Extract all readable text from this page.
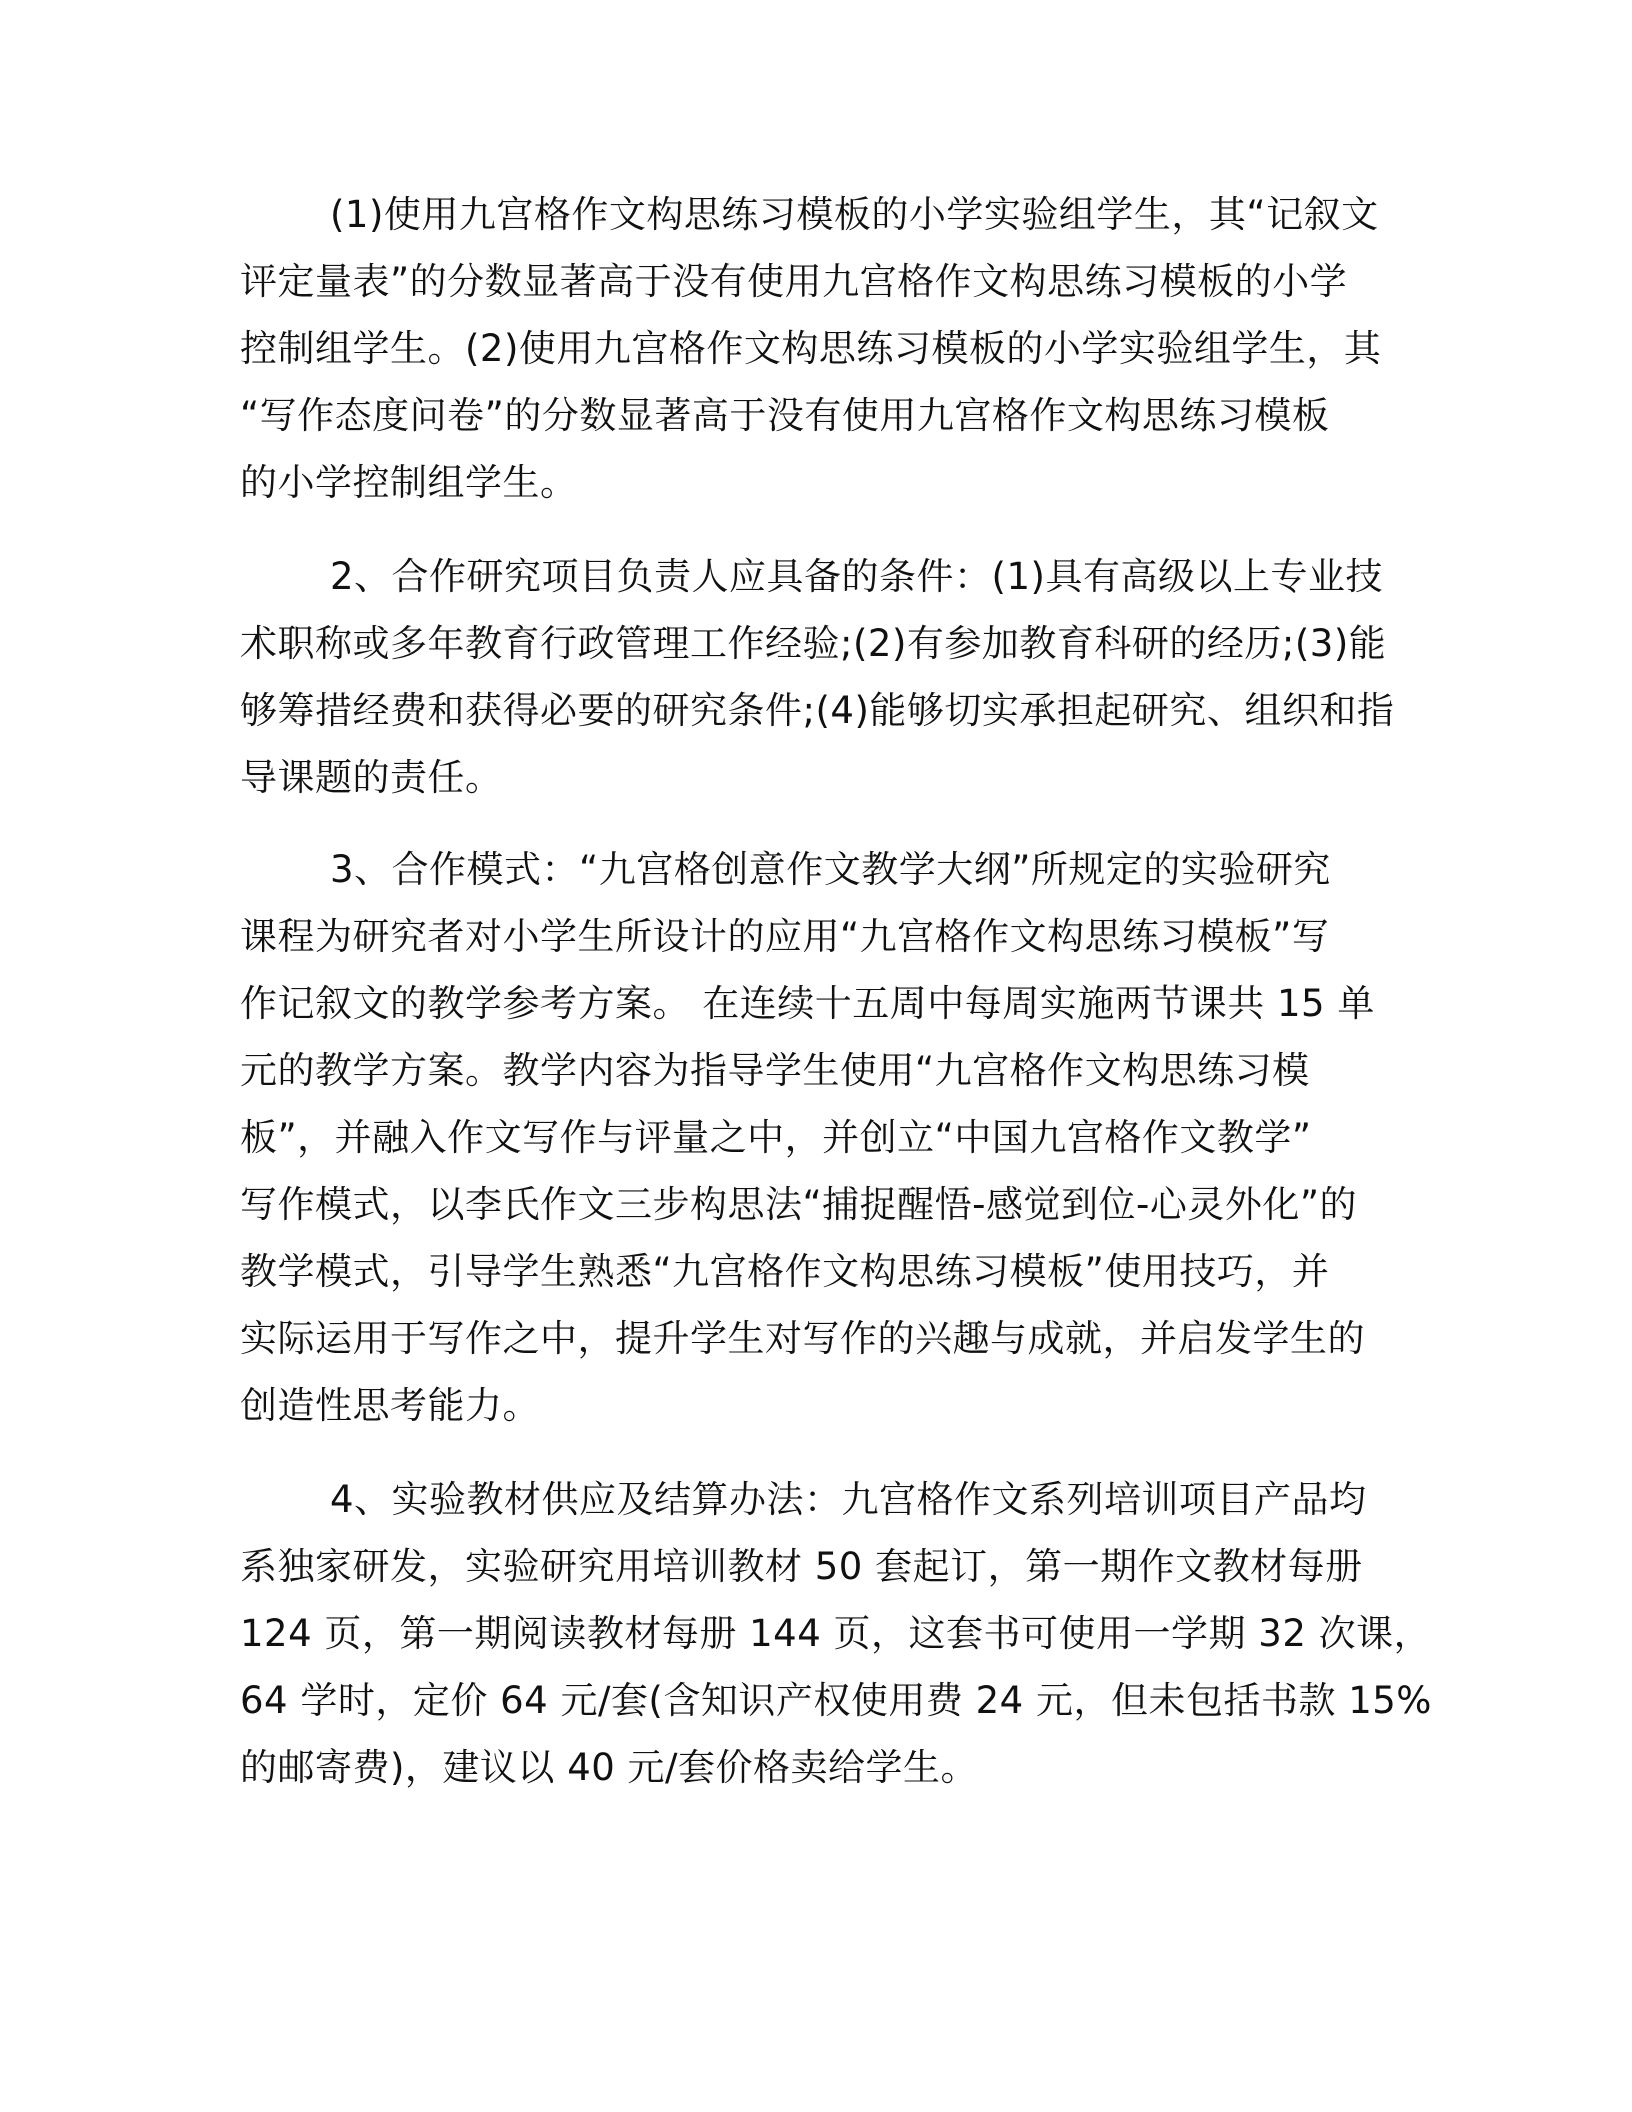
(1)使用九宫格作文构思练习模板的小学实验组学生，其“记叙文
评定量表”的分数显著高于没有使用九宫格作文构思练习模板的小学
控制组学生。(2)使用九宫格作文构思练习模板的小学实验组学生，其
“写作态度问卷”的分数显著高于没有使用九宫格作文构思练习模板
的小学控制组学生。
2、合作研究项目负责人应具备的条件：(1)具有高级以上专业技
术职称或多年教育行政管理工作经验;(2)有参加教育科研的经历;(3)能
够筹措经费和获得必要的研究条件;(4)能够切实承担起研究、组织和指
导课题的责任。
3、合作模式：“九宫格创意作文教学大纲”所规定的实验研究
课程为研究者对小学生所设计的应用“九宫格作文构思练习模板”写
作记叙文的教学参考方案。 在连续十五周中每周实施两节课共 15 单
元的教学方案。教学内容为指导学生使用“九宫格作文构思练习模
板”，并融入作文写作与评量之中，并创立“中国九宫格作文教学”
写作模式，以李氏作文三步构思法“捕捉醒悟-感觉到位-心灵外化”的
教学模式，引导学生熟悉“九宫格作文构思练习模板”使用技巧，并
实际运用于写作之中，提升学生对写作的兴趣与成就，并启发学生的
创造性思考能力。
4、实验教材供应及结算办法：九宫格作文系列培训项目产品均
系独家研发，实验研究用培训教材 50 套起订，第一期作文教材每册
124 页，第一期阅读教材每册 144 页，这套书可使用一学期 32 次课，
64 学时，定价 64 元/套(含知识产权使用费 24 元，但未包括书款 15%
的邮寄费)，建议以 40 元/套价格卖给学生。
